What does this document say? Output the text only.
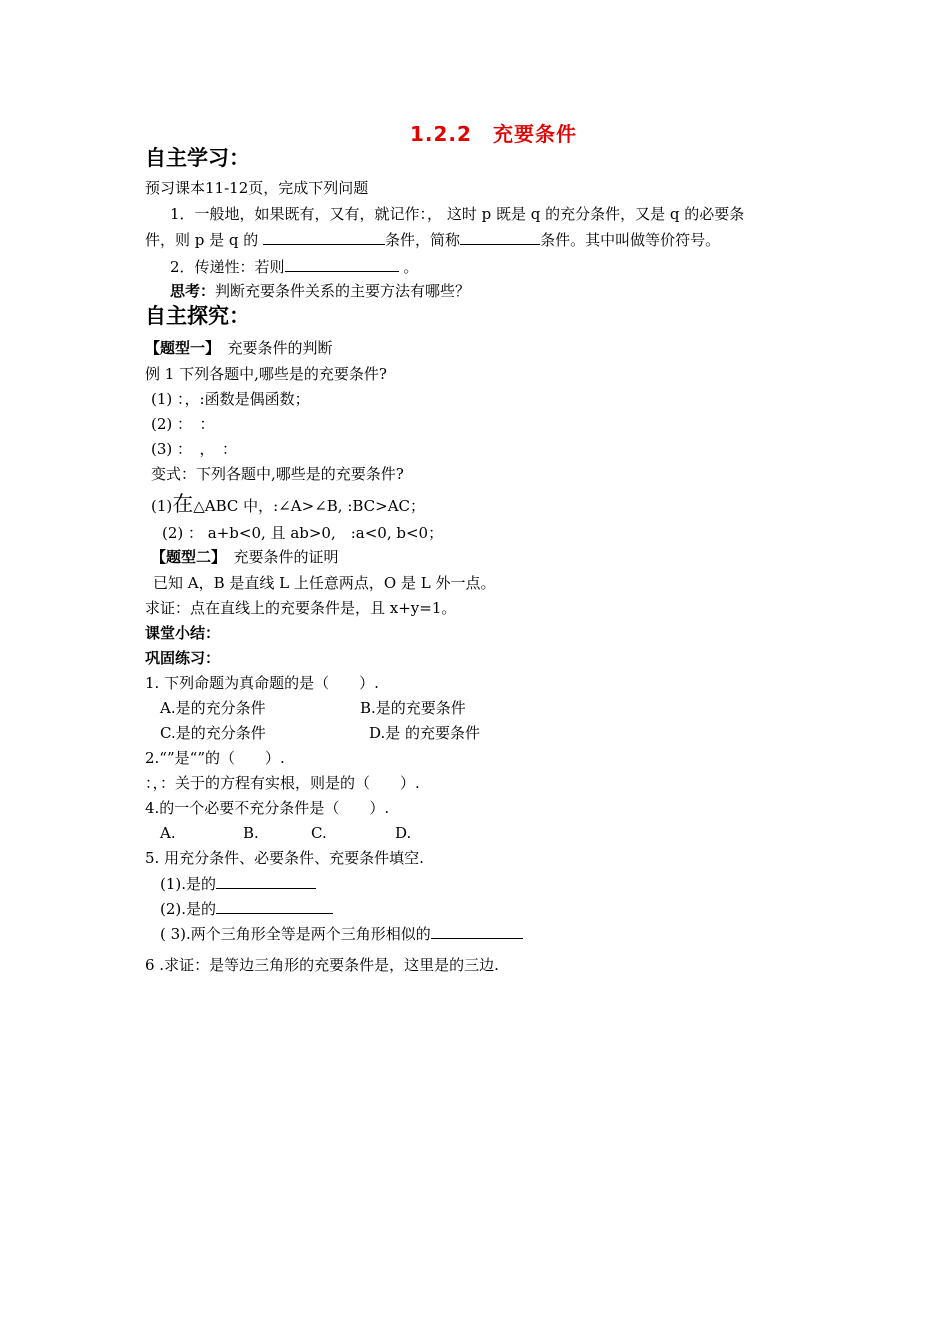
1.2.2　充要条件
自主学习：
预习课本11-12页，完成下列问题
1．一般地，如果既有，又有，就记作：， 这时 p 既是 q 的充分条件，又是 q 的必要条
件，则 p 是 q 的	条件，简称	条件。其中叫做等价符号。
2．传递性：若则	。
思考：判断充要条件关系的主要方法有哪些？
自主探究：
【题型一】　充要条件的判断
例 1 下列各题中,哪些是的充要条件?
(1) ：，:函数是偶函数；
(2) ：　：
(3) ：　，　：
变式：下列各题中,哪些是的充要条件?
(1)在△ABC 中，:∠A>∠B, :BC>AC；
(2) ： a+b<0, 且 ab>0,　:a<0, b<0；
【题型二】　充要条件的证明
已知 A，B 是直线 L 上任意两点，O 是 L 外一点。
求证：点在直线上的充要条件是，且 x+y=1。
课堂小结：
巩固练习：
1. 下列命题为真命题的是（　　）.
A.是的充分条件	B.是的充要条件
C.是的充分条件	D.是 的充要条件
2.“”是“”的（　　）.
：，：关于的方程有实根，则是的（　　）.
4.的一个必要不充分条件是（　　）.
A.	B.	C.	D.
5. 用充分条件、必要条件、充要条件填空.
(1).是的
(2).是的
( 3).两个三角形全等是两个三角形相似的
6 .求证：是等边三角形的充要条件是，这里是的三边.
